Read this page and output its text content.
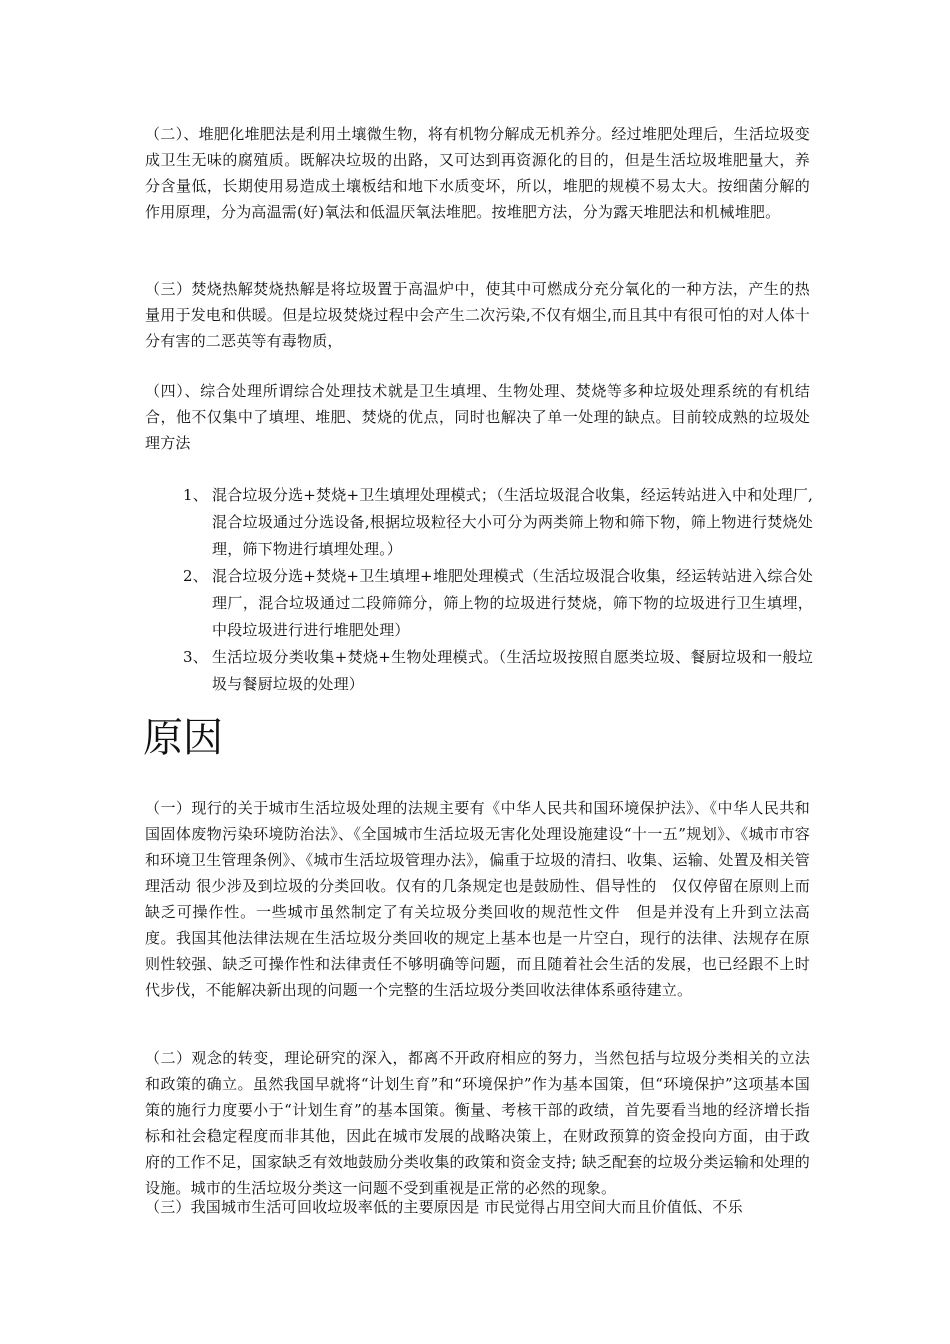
（二）、堆肥化堆肥法是利用土壤微生物，将有机物分解成无机养分。经过堆肥处理后，生活垃圾变成卫生无味的腐殖质。既解决垃圾的出路，又可达到再资源化的目的，但是生活垃圾堆肥量大，养分含量低，长期使用易造成土壤板结和地下水质变坏，所以，堆肥的规模不易太大。按细菌分解的作用原理，分为高温需(好)氧法和低温厌氧法堆肥。按堆肥方法，分为露天堆肥法和机械堆肥。

（三）焚烧热解焚烧热解是将垃圾置于高温炉中，使其中可燃成分充分氧化的一种方法，产生的热量用于发电和供暖。但是垃圾焚烧过程中会产生二次污染,不仅有烟尘,而且其中有很可怕的对人体十分有害的二恶英等有毒物质，

（四）、综合处理所谓综合处理技术就是卫生填埋、生物处理、焚烧等多种垃圾处理系统的有机结合，他不仅集中了填埋、堆肥、焚烧的优点，同时也解决了单一处理的缺点。目前较成熟的垃圾处理方法

1、 混合垃圾分选+焚烧+卫生填埋处理模式；（生活垃圾混合收集，经运转站进入中和处理厂,混合垃圾通过分选设备,根据垃圾粒径大小可分为两类筛上物和筛下物，筛上物进行焚烧处理，筛下物进行填埋处理。）
2、 混合垃圾分选+焚烧+卫生填埋+堆肥处理模式（生活垃圾混合收集，经运转站进入综合处理厂，混合垃圾通过二段筛筛分，筛上物的垃圾进行焚烧，筛下物的垃圾进行卫生填埋，中段垃圾进行进行堆肥处理）
3、 生活垃圾分类收集+焚烧+生物处理模式。（生活垃圾按照自愿类垃圾、餐厨垃圾和一般垃圾与餐厨垃圾的处理）
原因

（一）现行的关于城市生活垃圾处理的法规主要有《中华人民共和国环境保护法》、《中华人民共和国固体废物污染环境防治法》、《全国城市生活垃圾无害化处理设施建设“十一五”规划》、《城市市容和环境卫生管理条例》、《城市生活垃圾管理办法》，偏重于垃圾的清扫、收集、运输、处置及相关管理活动 很少涉及到垃圾的分类回收。仅有的几条规定也是鼓励性、倡导性的　仅仅停留在原则上而缺乏可操作性。一些城市虽然制定了有关垃圾分类回收的规范性文件　但是并没有上升到立法高度。我国其他法律法规在生活垃圾分类回收的规定上基本也是一片空白，现行的法律、法规存在原则性较强、缺乏可操作性和法律责任不够明确等问题，而且随着社会生活的发展，也已经跟不上时代步伐，不能解决新出现的问题一个完整的生活垃圾分类回收法律体系亟待建立。

（二）观念的转变，理论研究的深入，都离不开政府相应的努力，当然包括与垃圾分类相关的立法和政策的确立。虽然我国早就将“计划生育”和“环境保护”作为基本国策，但“环境保护”这项基本国策的施行力度要小于“计划生育”的基本国策。衡量、考核干部的政绩，首先要看当地的经济增长指标和社会稳定程度而非其他，因此在城市发展的战略决策上，在财政预算的资金投向方面，由于政府的工作不足，国家缺乏有效地鼓励分类收集的政策和资金支持; 缺乏配套的垃圾分类运输和处理的设施。城市的生活垃圾分类这一问题不受到重视是正常的必然的现象。

（三）我国城市生活可回收垃圾率低的主要原因是 市民觉得占用空间大而且价值低、不乐
